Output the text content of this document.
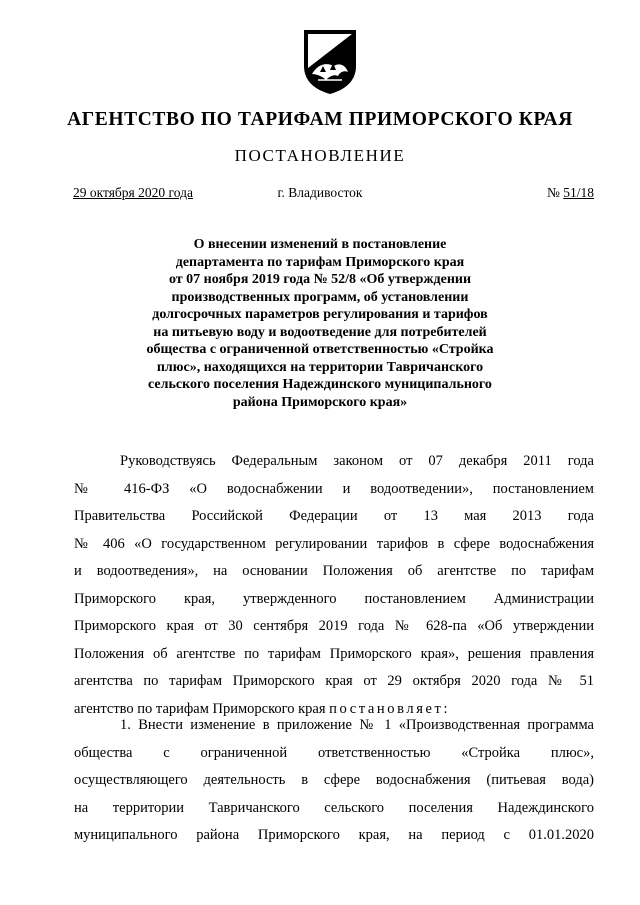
АГЕНТСТВО ПО ТАРИФАМ ПРИМОРСКОГО КРАЯ
ПОСТАНОВЛЕНИЕ
29 октября 2020 года	г. Владивосток	№ 51/18
О внесении изменений в постановление
департамента по тарифам Приморского края
от 07 ноября 2019 года № 52/8 «Об утверждении
производственных программ, об установлении
долгосрочных параметров регулирования и тарифов
на питьевую воду и водоотведение для потребителей
общества с ограниченной ответственностью «Стройка
плюс», находящихся на территории Тавричанского
сельского поселения Надеждинского муниципального
района Приморского края»
Руководствуясь Федеральным законом от 07 декабря 2011 года
№ 416-ФЗ «О водоснабжении и водоотведении», постановлением
Правительства Российской Федерации от 13 мая 2013 года
№ 406 «О государственном регулировании тарифов в сфере водоснабжения
и водоотведения», на основании Положения об агентстве по тарифам
Приморского края, утвержденного постановлением Администрации
Приморского края от 30 сентября 2019 года № 628-па «Об утверждении
Положения об агентстве по тарифам Приморского края», решения правления
агентства по тарифам Приморского края от 29 октября 2020 года № 51
агентство по тарифам Приморского края постановляет:
1. Внести изменение в приложение № 1 «Производственная программа
общества с ограниченной ответственностью «Стройка плюс»,
осуществляющего деятельность в сфере водоснабжения (питьевая вода)
на территории Тавричанского сельского поселения Надеждинского
муниципального района Приморского края, на период с 01.01.2020
